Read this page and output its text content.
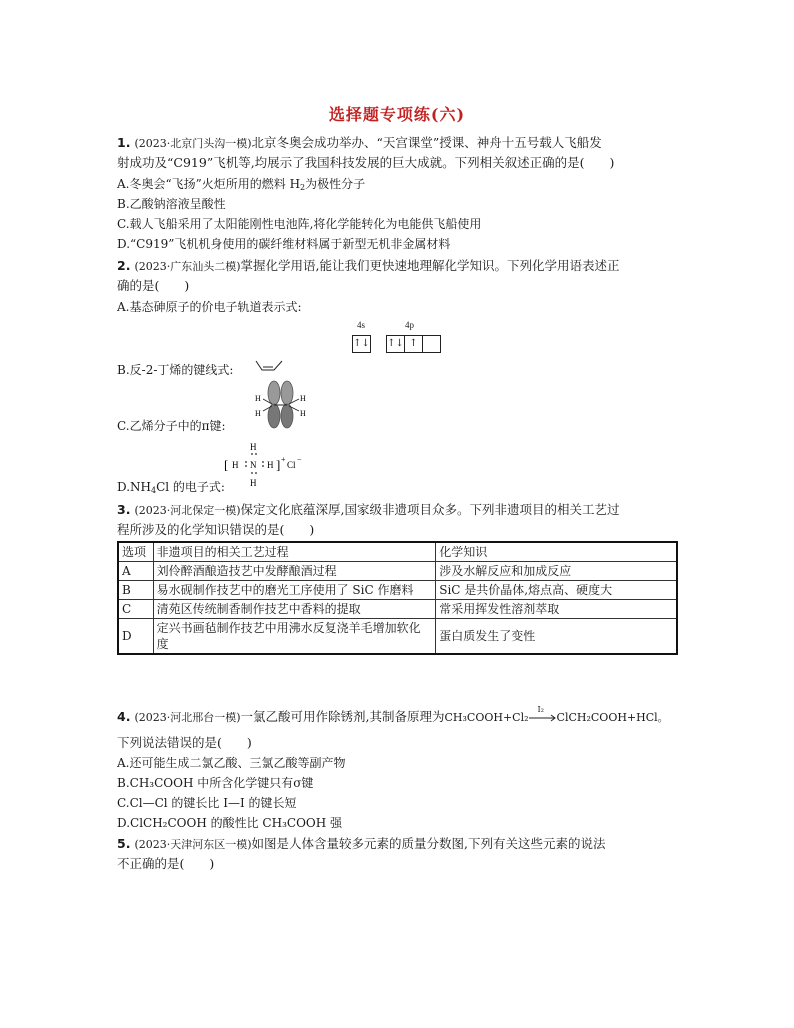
选择题专项练(六)
1. (2023·北京门头沟一模)北京冬奥会成功举办、“天宫课堂”授课、神舟十五号载人飞船发
射成功及“C919”飞机等,均展示了我国科技发展的巨大成就。下列相关叙述正确的是(　　)
A.冬奥会“飞扬”火炬所用的燃料 $H_2$为极性分子
B.乙酸钠溶液呈酸性
C.载人飞船采用了太阳能刚性电池阵,将化学能转化为电能供飞船使用
D.“C919”飞机机身使用的碳纤维材料属于新型无机非金属材料
2. (2023·广东汕头二模)掌握化学用语,能让我们更快速地理解化学知识。下列化学用语表述正
确的是(　　)
A.基态砷原子的价电子轨道表示式:
4s	4p
↑↓ ↑↓ ↑
B.反-2-丁烯的键线式:
C.乙烯分子中的π键:
H
H
H
H
$D.NH_4Cl$ 的电子式:
[ H
H
N
H
H ] +
Cl
−
3. (2023·河北保定一模)保定文化底蕴深厚,国家级非遗项目众多。下列非遗项目的相关工艺过
程所涉及的化学知识错误的是(　　)
选项	非遗项目的相关工艺过程	化学知识
A	刘伶醉酒酿造技艺中发酵酿酒过程	涉及水解反应和加成反应
B	易水砚制作技艺中的磨光工序使用了 SiC 作磨料	SiC 是共价晶体,熔点高、硬度大
C	清苑区传统制香制作技艺中香料的提取	常采用挥发性溶剂萃取
D	定兴书画毡制作技艺中用沸水反复浇羊毛增加软化度	蛋白质发生了变性
4. (2023·河北邢台一模)一氯乙酸可用作除锈剂,其制备原理为CH₃COOH+Cl₂
I₂
ClCH₂COOH+HCl。
下列说法错误的是(　　)
A.还可能生成二氯乙酸、三氯乙酸等副产物
B.CH₃COOH 中所含化学键只有σ键
C.Cl—Cl 的键长比 I—I 的键长短
D.ClCH₂COOH 的酸性比 CH₃COOH 强
5. (2023·天津河东区一模)如图是人体含量较多元素的质量分数图,下列有关这些元素的说法
不正确的是(　　)
